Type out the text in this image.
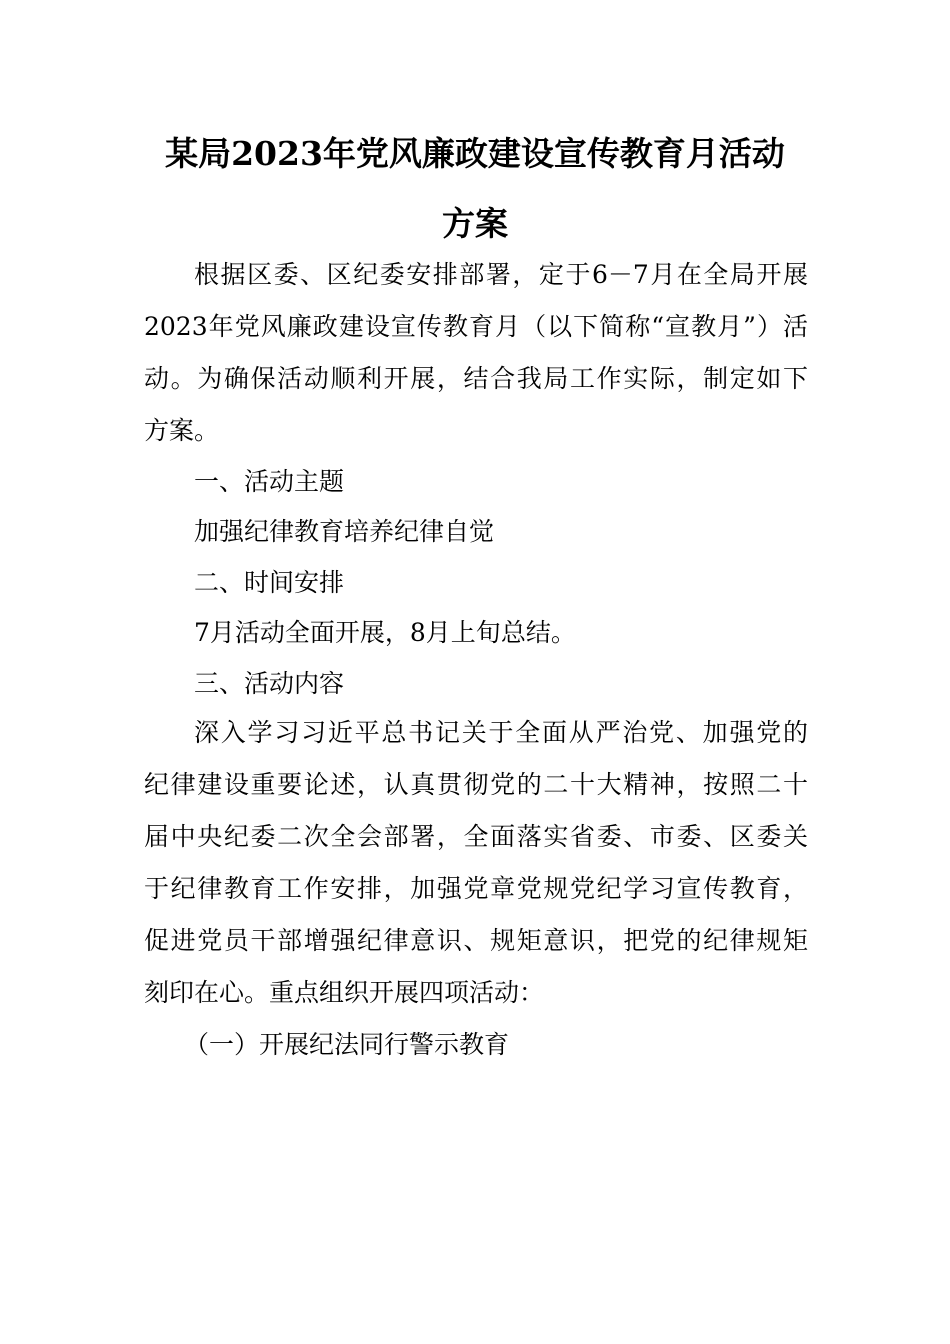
某局2023年党风廉政建设宣传教育月活动
方案

根据区委、区纪委安排部署，定于6－7月在全局开展

2023年党风廉政建设宣传教育月（以下简称“宣教月”）活

动。为确保活动顺利开展，结合我局工作实际，制定如下

方案。

一、活动主题

加强纪律教育培养纪律自觉

二、时间安排

7月活动全面开展，8月上旬总结。

三、活动内容

深入学习习近平总书记关于全面从严治党、加强党的

纪律建设重要论述，认真贯彻党的二十大精神，按照二十

届中央纪委二次全会部署，全面落实省委、市委、区委关

于纪律教育工作安排，加强党章党规党纪学习宣传教育，

促进党员干部增强纪律意识、规矩意识，把党的纪律规矩

刻印在心。重点组织开展四项活动：

（一）开展纪法同行警示教育
